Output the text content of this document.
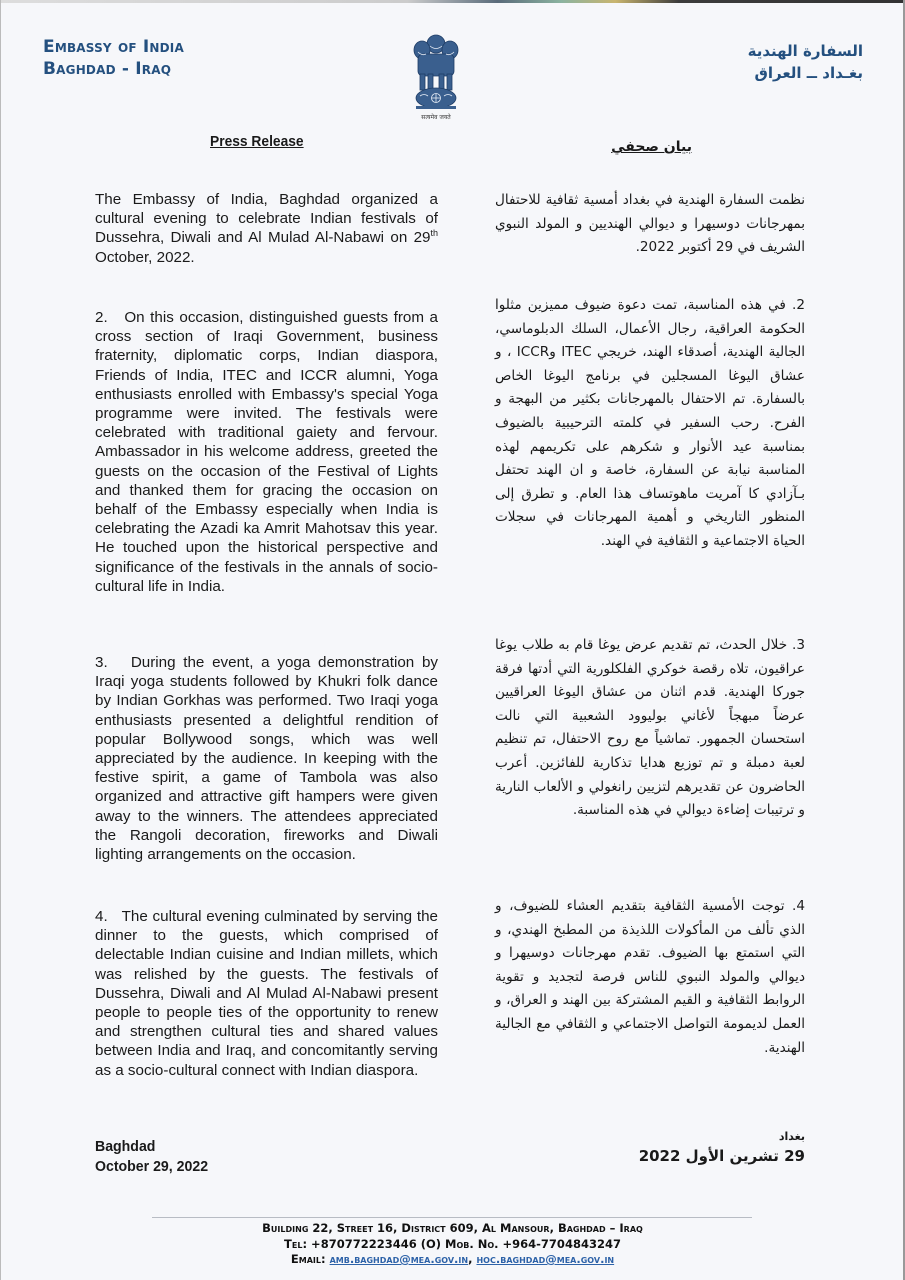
Embassy of India
Baghdad - Iraq
सत्यमेव जयते
السفارة الهندية
بغـداد ــ العراق
Press Release	بيان صحفي

The Embassy of India, Baghdad organized a cultural evening to celebrate Indian festivals of Dussehra, Diwali and Al Mulad Al-Nabawi on 29th October, 2022.

2.   On this occasion, distinguished guests from a cross section of Iraqi Government, business fraternity, diplomatic corps, Indian diaspora, Friends of India, ITEC and ICCR alumni, Yoga enthusiasts enrolled with Embassy's special Yoga programme were invited. The festivals were celebrated with traditional gaiety and fervour. Ambassador in his welcome address, greeted the guests on the occasion of the Festival of Lights and thanked them for gracing the occasion on behalf of the Embassy especially when India is celebrating the Azadi ka Amrit Mahotsav this year. He touched upon the historical perspective and significance of the festivals in the annals of socio-cultural life in India.

3.   During the event, a yoga demonstration by Iraqi yoga students followed by Khukri folk dance by Indian Gorkhas was performed. Two Iraqi yoga enthusiasts presented a delightful rendition of popular Bollywood songs, which was well appreciated by the audience. In keeping with the festive spirit, a game of Tambola was also organized and attractive gift hampers were given away to the winners. The attendees appreciated the Rangoli decoration, fireworks and Diwali lighting arrangements on the occasion.

4.   The cultural evening culminated by serving the dinner to the guests, which comprised of delectable Indian cuisine and Indian millets, which was relished by the guests. The festivals of Dussehra, Diwali and Al Mulad Al-Nabawi present people to people ties of the opportunity to renew and strengthen cultural ties and shared values between India and Iraq, and concomitantly serving as a socio-cultural connect with Indian diaspora.

نظمت السفارة الهندية في بغداد أمسية ثقافية للاحتفال بمهرجانات دوسيهرا و ديوالي الهنديين و المولد النبوي الشريف في 29 أكتوبر 2022.

2. في هذه المناسبة، تمت دعوة ضيوف مميزين مثلوا الحكومة العراقية، رجال الأعمال، السلك الدبلوماسي، الجالية الهندية، أصدقاء الهند، خريجي ITEC وICCR ، و عشاق اليوغا المسجلين في برنامج اليوغا الخاص بالسفارة. تم الاحتفال بالمهرجانات بكثير من البهجة و الفرح. رحب السفير في كلمته الترحيبية بالضيوف بمناسبة عيد الأنوار و شكرهم على تكريمهم لهذه المناسبة نيابة عن السفارة، خاصة و ان الهند تحتفل بـآزادي كا آمريت ماهوتساف هذا العام. و تطرق إلى المنظور التاريخي و أهمية المهرجانات في سجلات الحياة الاجتماعية و الثقافية في الهند.

3. خلال الحدث، تم تقديم عرض يوغا قام به طلاب يوغا عراقيون، تلاه رقصة خوكري الفلكلورية التي أدتها فرقة جوركا الهندية. قدم اثنان من عشاق اليوغا العراقيين عرضاً مبهجاً لأغاني بوليوود الشعبية التي نالت استحسان الجمهور. تماشياً مع روح الاحتفال، تم تنظيم لعبة دمبلة و تم توزيع هدايا تذكارية للفائزين. أعرب الحاضرون عن تقديرهم لتزيين رانغولي و الألعاب النارية و ترتيبات إضاءة ديوالي في هذه المناسبة.

4. توجت الأمسية الثقافية بتقديم العشاء للضيوف، و الذي تألف من المأكولات اللذيذة من المطبخ الهندي، و التي استمتع بها الضيوف. تقدم مهرجانات دوسيهرا و ديوالي والمولد النبوي للناس فرصة لتجديد و تقوية الروابط الثقافية و القيم المشتركة بين الهند و العراق، و العمل لديمومة التواصل الاجتماعي و الثقافي مع الجالية الهندية.

Baghdad
October 29, 2022
بغداد
29 تشرين الأول 2022
Building 22, Street 16, District 609, Al Mansour, Baghdad – Iraq
Tel: +870772223446 (O) Mob. No. +964-7704843247
Email: amb.baghdad@mea.gov.in, hoc.baghdad@mea.gov.in
